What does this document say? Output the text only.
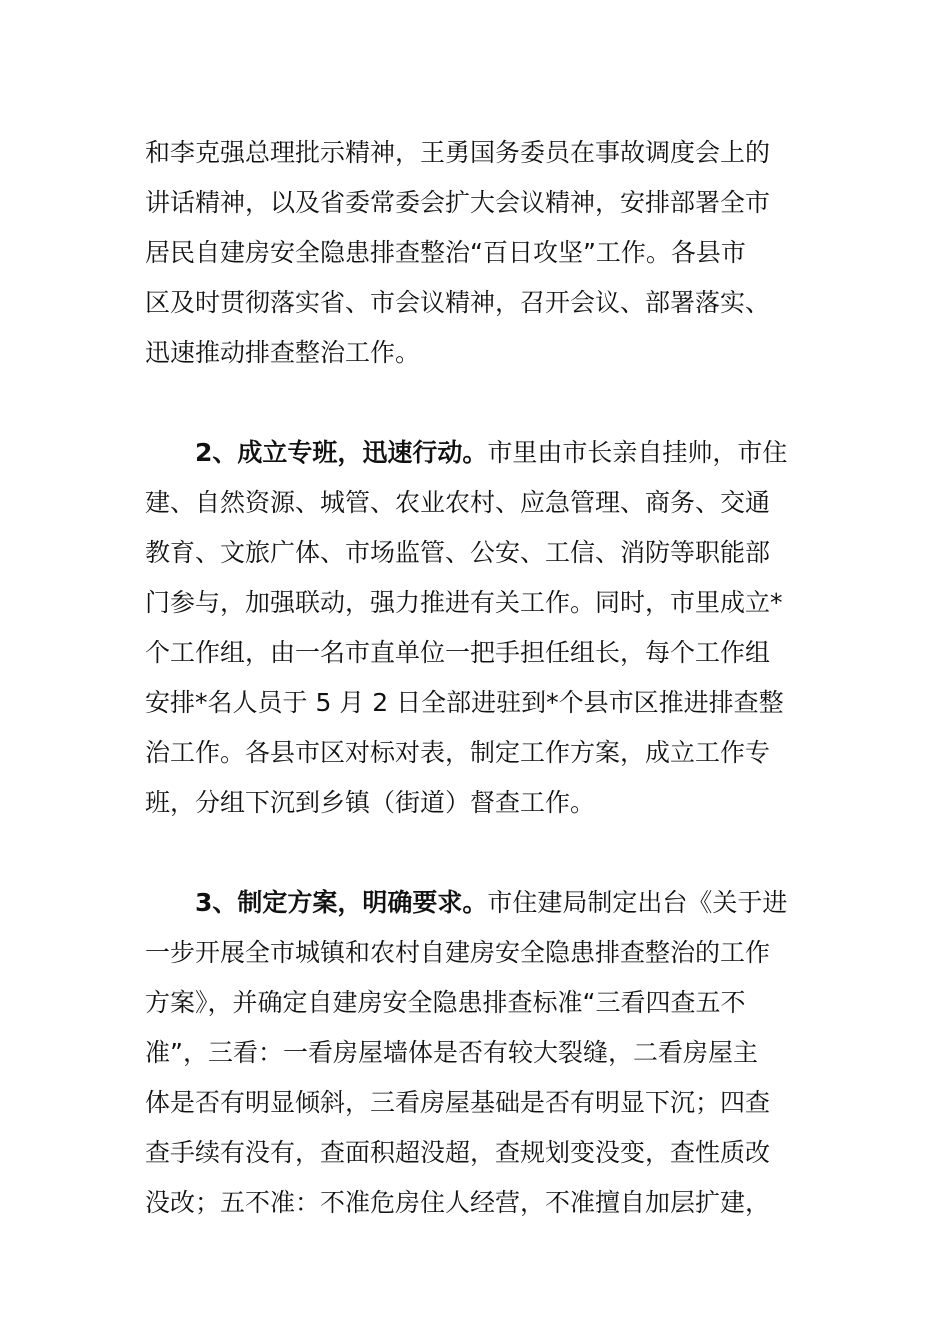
和李克强总理批示精神，王勇国务委员在事故调度会上的
讲话精神，以及省委常委会扩大会议精神，安排部署全市
居民自建房安全隐患排查整治“百日攻坚”工作。各县市
区及时贯彻落实省、市会议精神，召开会议、部署落实、
迅速推动排查整治工作。
2、成立专班，迅速行动。市里由市长亲自挂帅，市住
建、自然资源、城管、农业农村、应急管理、商务、交通
教育、文旅广体、市场监管、公安、工信、消防等职能部
门参与，加强联动，强力推进有关工作。同时，市里成立*
个工作组，由一名市直单位一把手担任组长，每个工作组
安排*名人员于 5 月 2 日全部进驻到*个县市区推进排查整
治工作。各县市区对标对表，制定工作方案，成立工作专
班，分组下沉到乡镇（街道）督查工作。
3、制定方案，明确要求。市住建局制定出台《关于进
一步开展全市城镇和农村自建房安全隐患排查整治的工作
方案》，并确定自建房安全隐患排查标准“三看四查五不
准”，三看：一看房屋墙体是否有较大裂缝，二看房屋主
体是否有明显倾斜，三看房屋基础是否有明显下沉；四查
查手续有没有，查面积超没超，查规划变没变，查性质改
没改；五不准：不准危房住人经营，不准擅自加层扩建，
